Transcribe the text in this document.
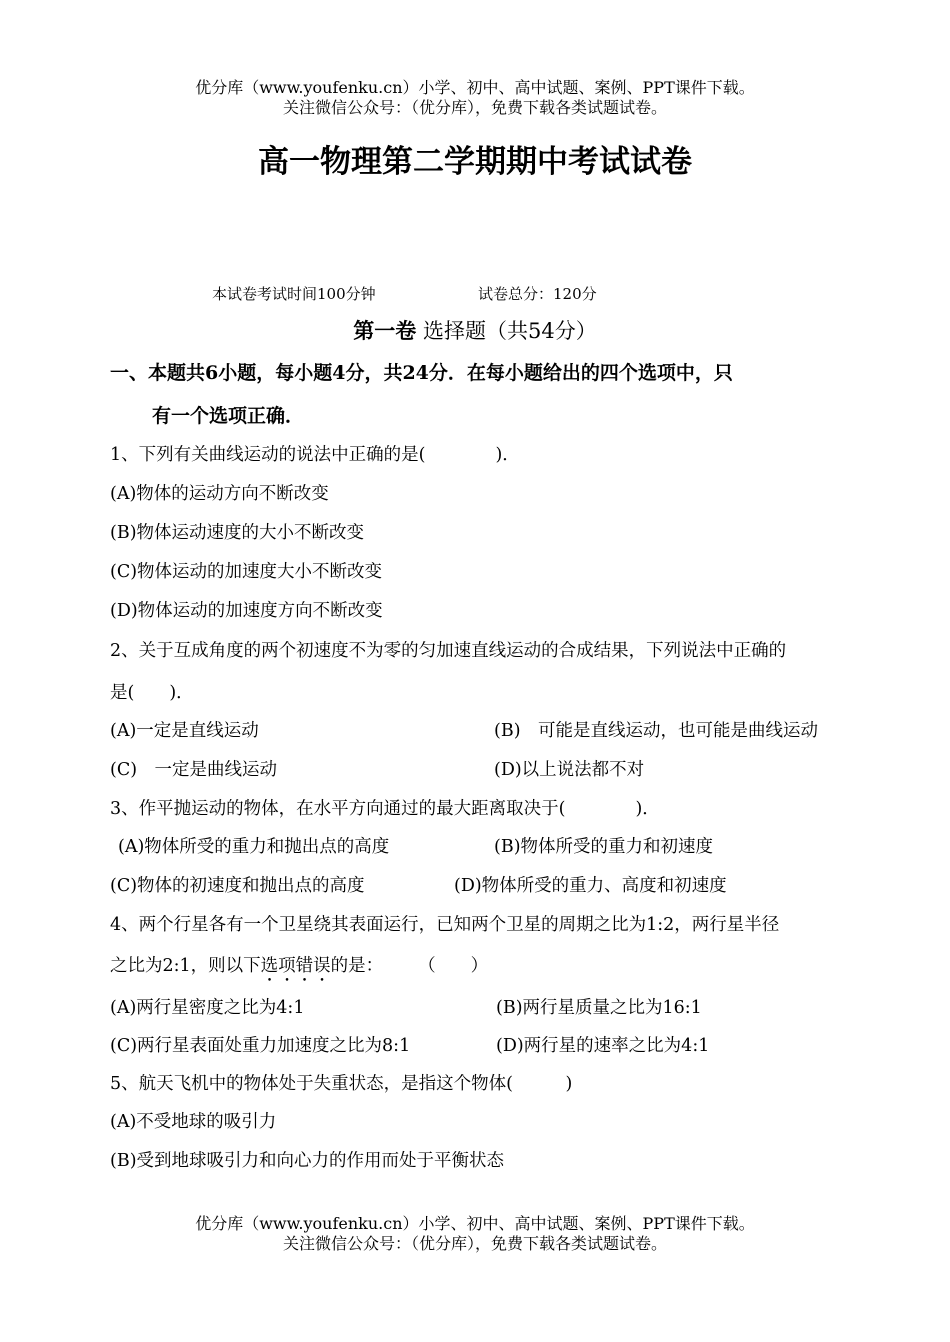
优分库（www.youfenku.cn）小学、初中、高中试题、案例、PPT课件下载。
关注微信公众号：（优分库），免费下载各类试题试卷。
高一物理第二学期期中考试试卷
本试卷考试时间100分钟	试卷总分：120分
第一卷 选择题（共54分）
一、本题共6小题，每小题4分，共24分．在每小题给出的四个选项中，只
有一个选项正确．
1、下列有关曲线运动的说法中正确的是(　　　　)．
(A)物体的运动方向不断改变
(B)物体运动速度的大小不断改变
(C)物体运动的加速度大小不断改变
(D)物体运动的加速度方向不断改变
2、关于互成角度的两个初速度不为零的匀加速直线运动的合成结果，下列说法中正确的
是(　　)．
(A)一定是直线运动	(B)　可能是直线运动，也可能是曲线运动
(C)　一定是曲线运动	(D)以上说法都不对
3、作平抛运动的物体，在水平方向通过的最大距离取决于(　　　　)．
(A)物体所受的重力和抛出点的高度	(B)物体所受的重力和初速度
(C)物体的初速度和抛出点的高度	(D)物体所受的重力、高度和初速度
4、两个行星各有一个卫星绕其表面运行，已知两个卫星的周期之比为1:2，两行星半径
之比为2:1，则以下选项错误的是：　　　（　　）
(A)两行星密度之比为4:1	(B)两行星质量之比为16:1
(C)两行星表面处重力加速度之比为8:1	(D)两行星的速率之比为4:1
5、航天飞机中的物体处于失重状态，是指这个物体(　　　)
(A)不受地球的吸引力
(B)受到地球吸引力和向心力的作用而处于平衡状态
优分库（www.youfenku.cn）小学、初中、高中试题、案例、PPT课件下载。
关注微信公众号：（优分库），免费下载各类试题试卷。
